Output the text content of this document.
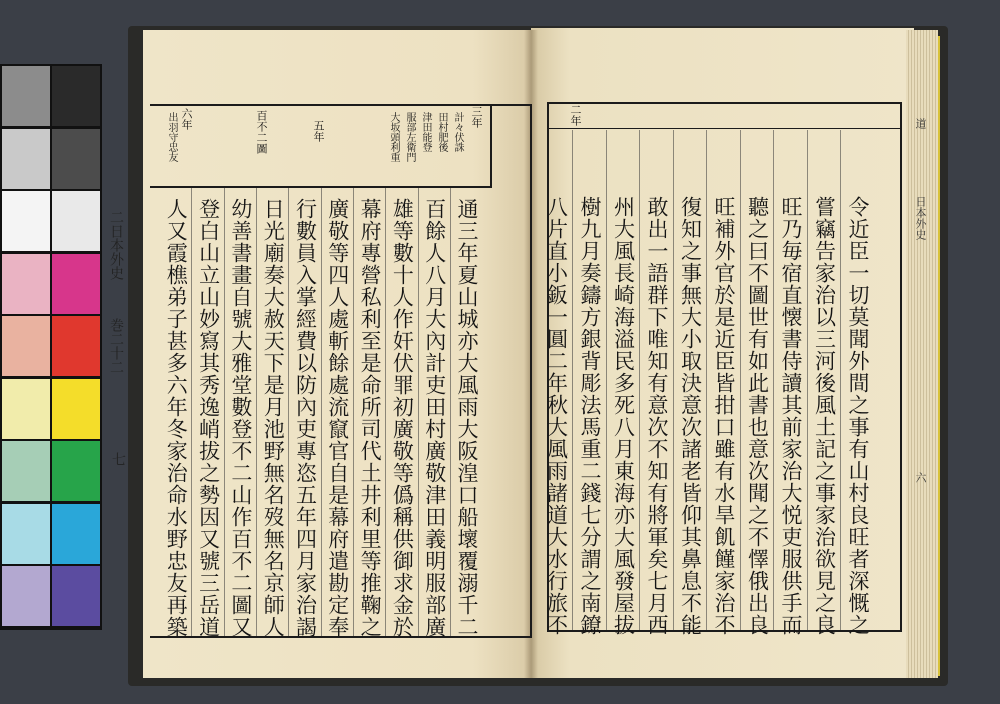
道
日本外史
六
二年
令近臣一切莫聞外間之事有山村良旺者深慨之
嘗竊告家治以三河後風土記之事家治欲見之良
旺乃毎宿直懐書侍讀其前家治大悦吏服供手而
聽之曰不圖世有如此書也意次聞之不懌俄出良
旺補外官於是近臣皆拑口雖有水旱飢饉家治不
復知之事無大小取決意次諸老皆仰其鼻息不能
敢出一語群下唯知有意次不知有將軍矣七月西
州大風長崎海溢民多死八月東海亦大風發屋拔
樹九月奏鑄方銀背彫法馬重二錢七分謂之南鐐
八片直小鈑一圓二年秋大風雨諸道大水行旅不
三年
計々伏誅
田村肥後
津田能登
服部左衛門
大坂頭利重
五年
百不二圖
六年
出羽守忠友
二日本外史
巻二十二
七	通三年夏山城亦大風雨大阪湟口船壞覆溺千二
百餘人八月大內計吏田村廣敬津田義明服部廣
雄等數十人作奸伏罪初廣敬等僞稱供御求金於
幕府專營私利至是命所司代土井利里等推鞠之
廣敬等四人處斬餘處流竄官自是幕府遣勘定奉
行數員入掌經費以防內吏專恣五年四月家治謁
日光廟奏大赦天下是月池野無名歿無名京師人
幼善書畫自號大雅堂數登不二山作百不二圖又
登白山立山妙寫其秀逸峭拔之勢因又號三岳道
人又霞樵弟子甚多六年冬家治命水野忠友再築
